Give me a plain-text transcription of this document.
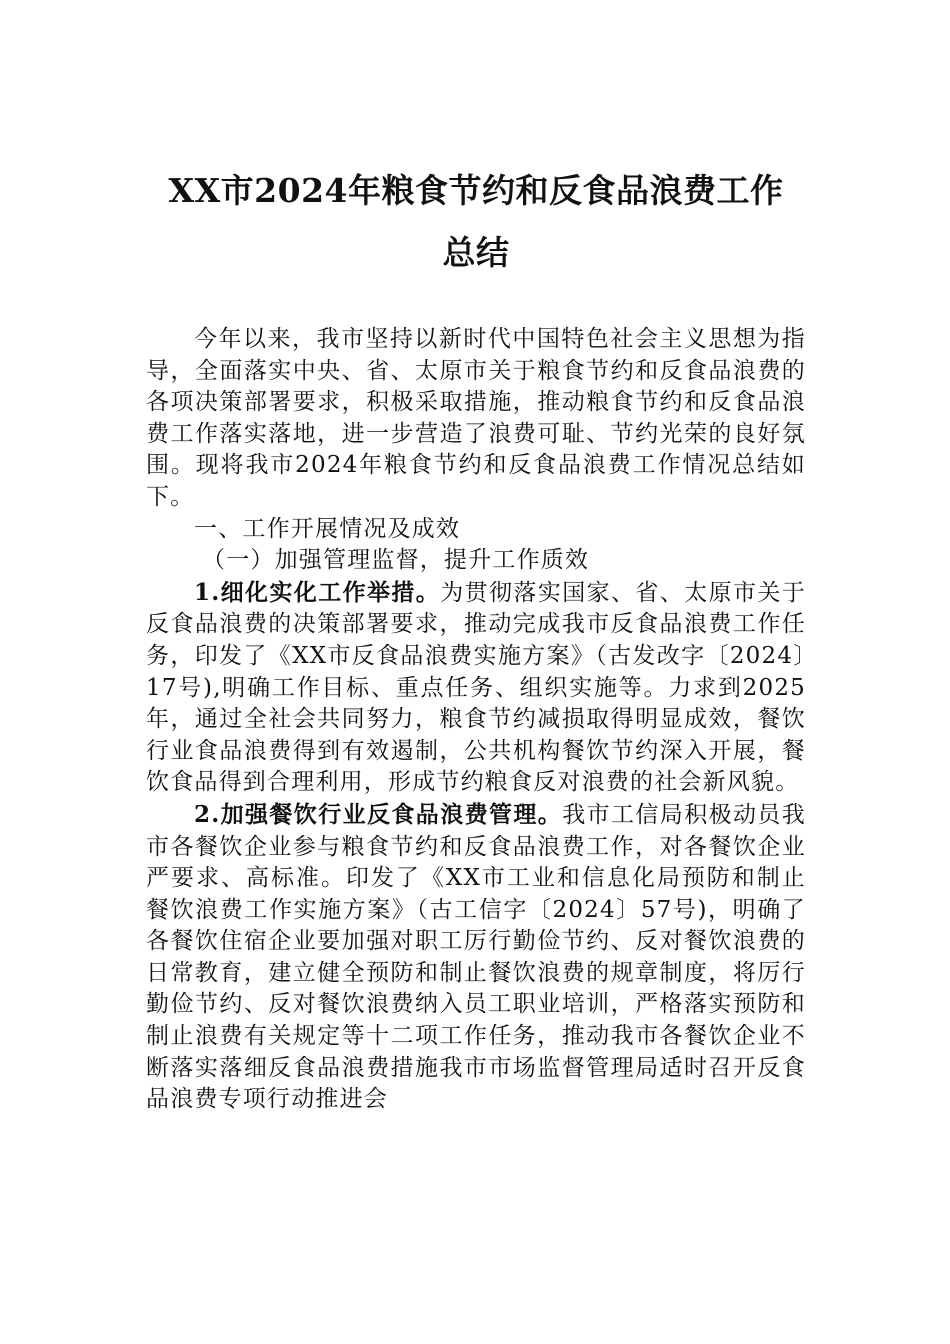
XX市2024年粮食节约和反食品浪费工作
总结

今年以来，我市坚持以新时代中国特色社会主义思想为指导，全面落实中央、省、太原市关于粮食节约和反食品浪费的各项决策部署要求，积极采取措施，推动粮食节约和反食品浪费工作落实落地，进一步营造了浪费可耻、节约光荣的良好氛围。现将我市2024年粮食节约和反食品浪费工作情况总结如下。

一、工作开展情况及成效

（一）加强管理监督，提升工作质效

1.细化实化工作举措。为贯彻落实国家、省、太原市关于反食品浪费的决策部署要求，推动完成我市反食品浪费工作任务，印发了《XX市反食品浪费实施方案》（古发改字〔2024〕17号),明确工作目标、重点任务、组织实施等。力求到2025年，通过全社会共同努力，粮食节约减损取得明显成效，餐饮行业食品浪费得到有效遏制，公共机构餐饮节约深入开展，餐饮食品得到合理利用，形成节约粮食反对浪费的社会新风貌。

2.加强餐饮行业反食品浪费管理。我市工信局积极动员我市各餐饮企业参与粮食节约和反食品浪费工作，对各餐饮企业严要求、高标准。印发了《XX市工业和信息化局预防和制止餐饮浪费工作实施方案》（古工信字〔2024〕57号)，明确了各餐饮住宿企业要加强对职工厉行勤俭节约、反对餐饮浪费的日常教育，建立健全预防和制止餐饮浪费的规章制度，将厉行勤俭节约、反对餐饮浪费纳入员工职业培训，严格落实预防和制止浪费有关规定等十二项工作任务，推动我市各餐饮企业不断落实落细反食品浪费措施我市市场监督管理局适时召开反食品浪费专项行动推进会
